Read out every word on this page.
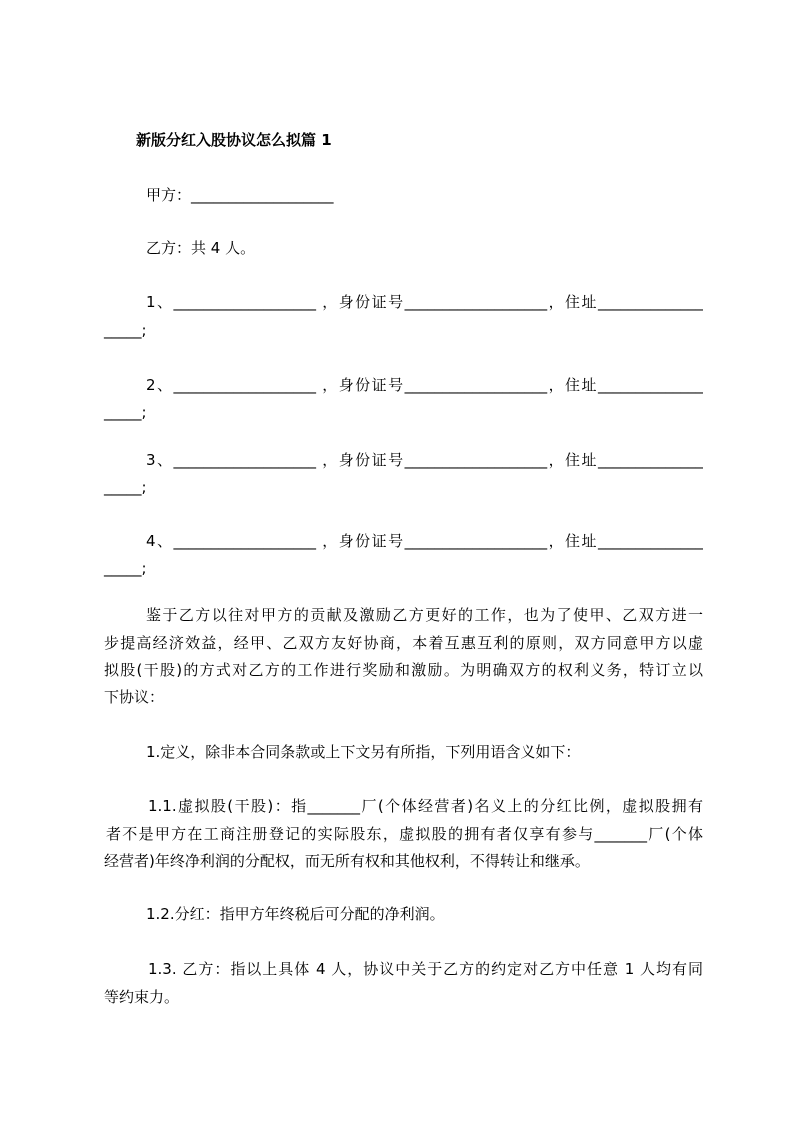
新版分红入股协议怎么拟篇 1
甲方：___________________
乙方：共 4 人。
1、___________________ ，身份证号___________________，住址______________
_____;
2、___________________ ，身份证号___________________，住址______________
_____;
3、___________________ ，身份证号___________________，住址______________
_____;
4、___________________ ，身份证号___________________，住址______________
_____;
鉴于乙方以往对甲方的贡献及激励乙方更好的工作，也为了使甲、乙双方进一
步提高经济效益，经甲、乙双方友好协商，本着互惠互利的原则，双方同意甲方以虚
拟股(干股)的方式对乙方的工作进行奖励和激励。为明确双方的权利义务，特订立以
下协议：
1.定义，除非本合同条款或上下文另有所指，下列用语含义如下：
1.1.虚拟股(干股)：指_______厂(个体经营者)名义上的分红比例，虚拟股拥有
者不是甲方在工商注册登记的实际股东，虚拟股的拥有者仅享有参与_______厂(个体
经营者)年终净利润的分配权，而无所有权和其他权利，不得转让和继承。
1.2.分红：指甲方年终税后可分配的净利润。
1.3. 乙方：指以上具体 4 人，协议中关于乙方的约定对乙方中任意 1 人均有同
等约束力。
